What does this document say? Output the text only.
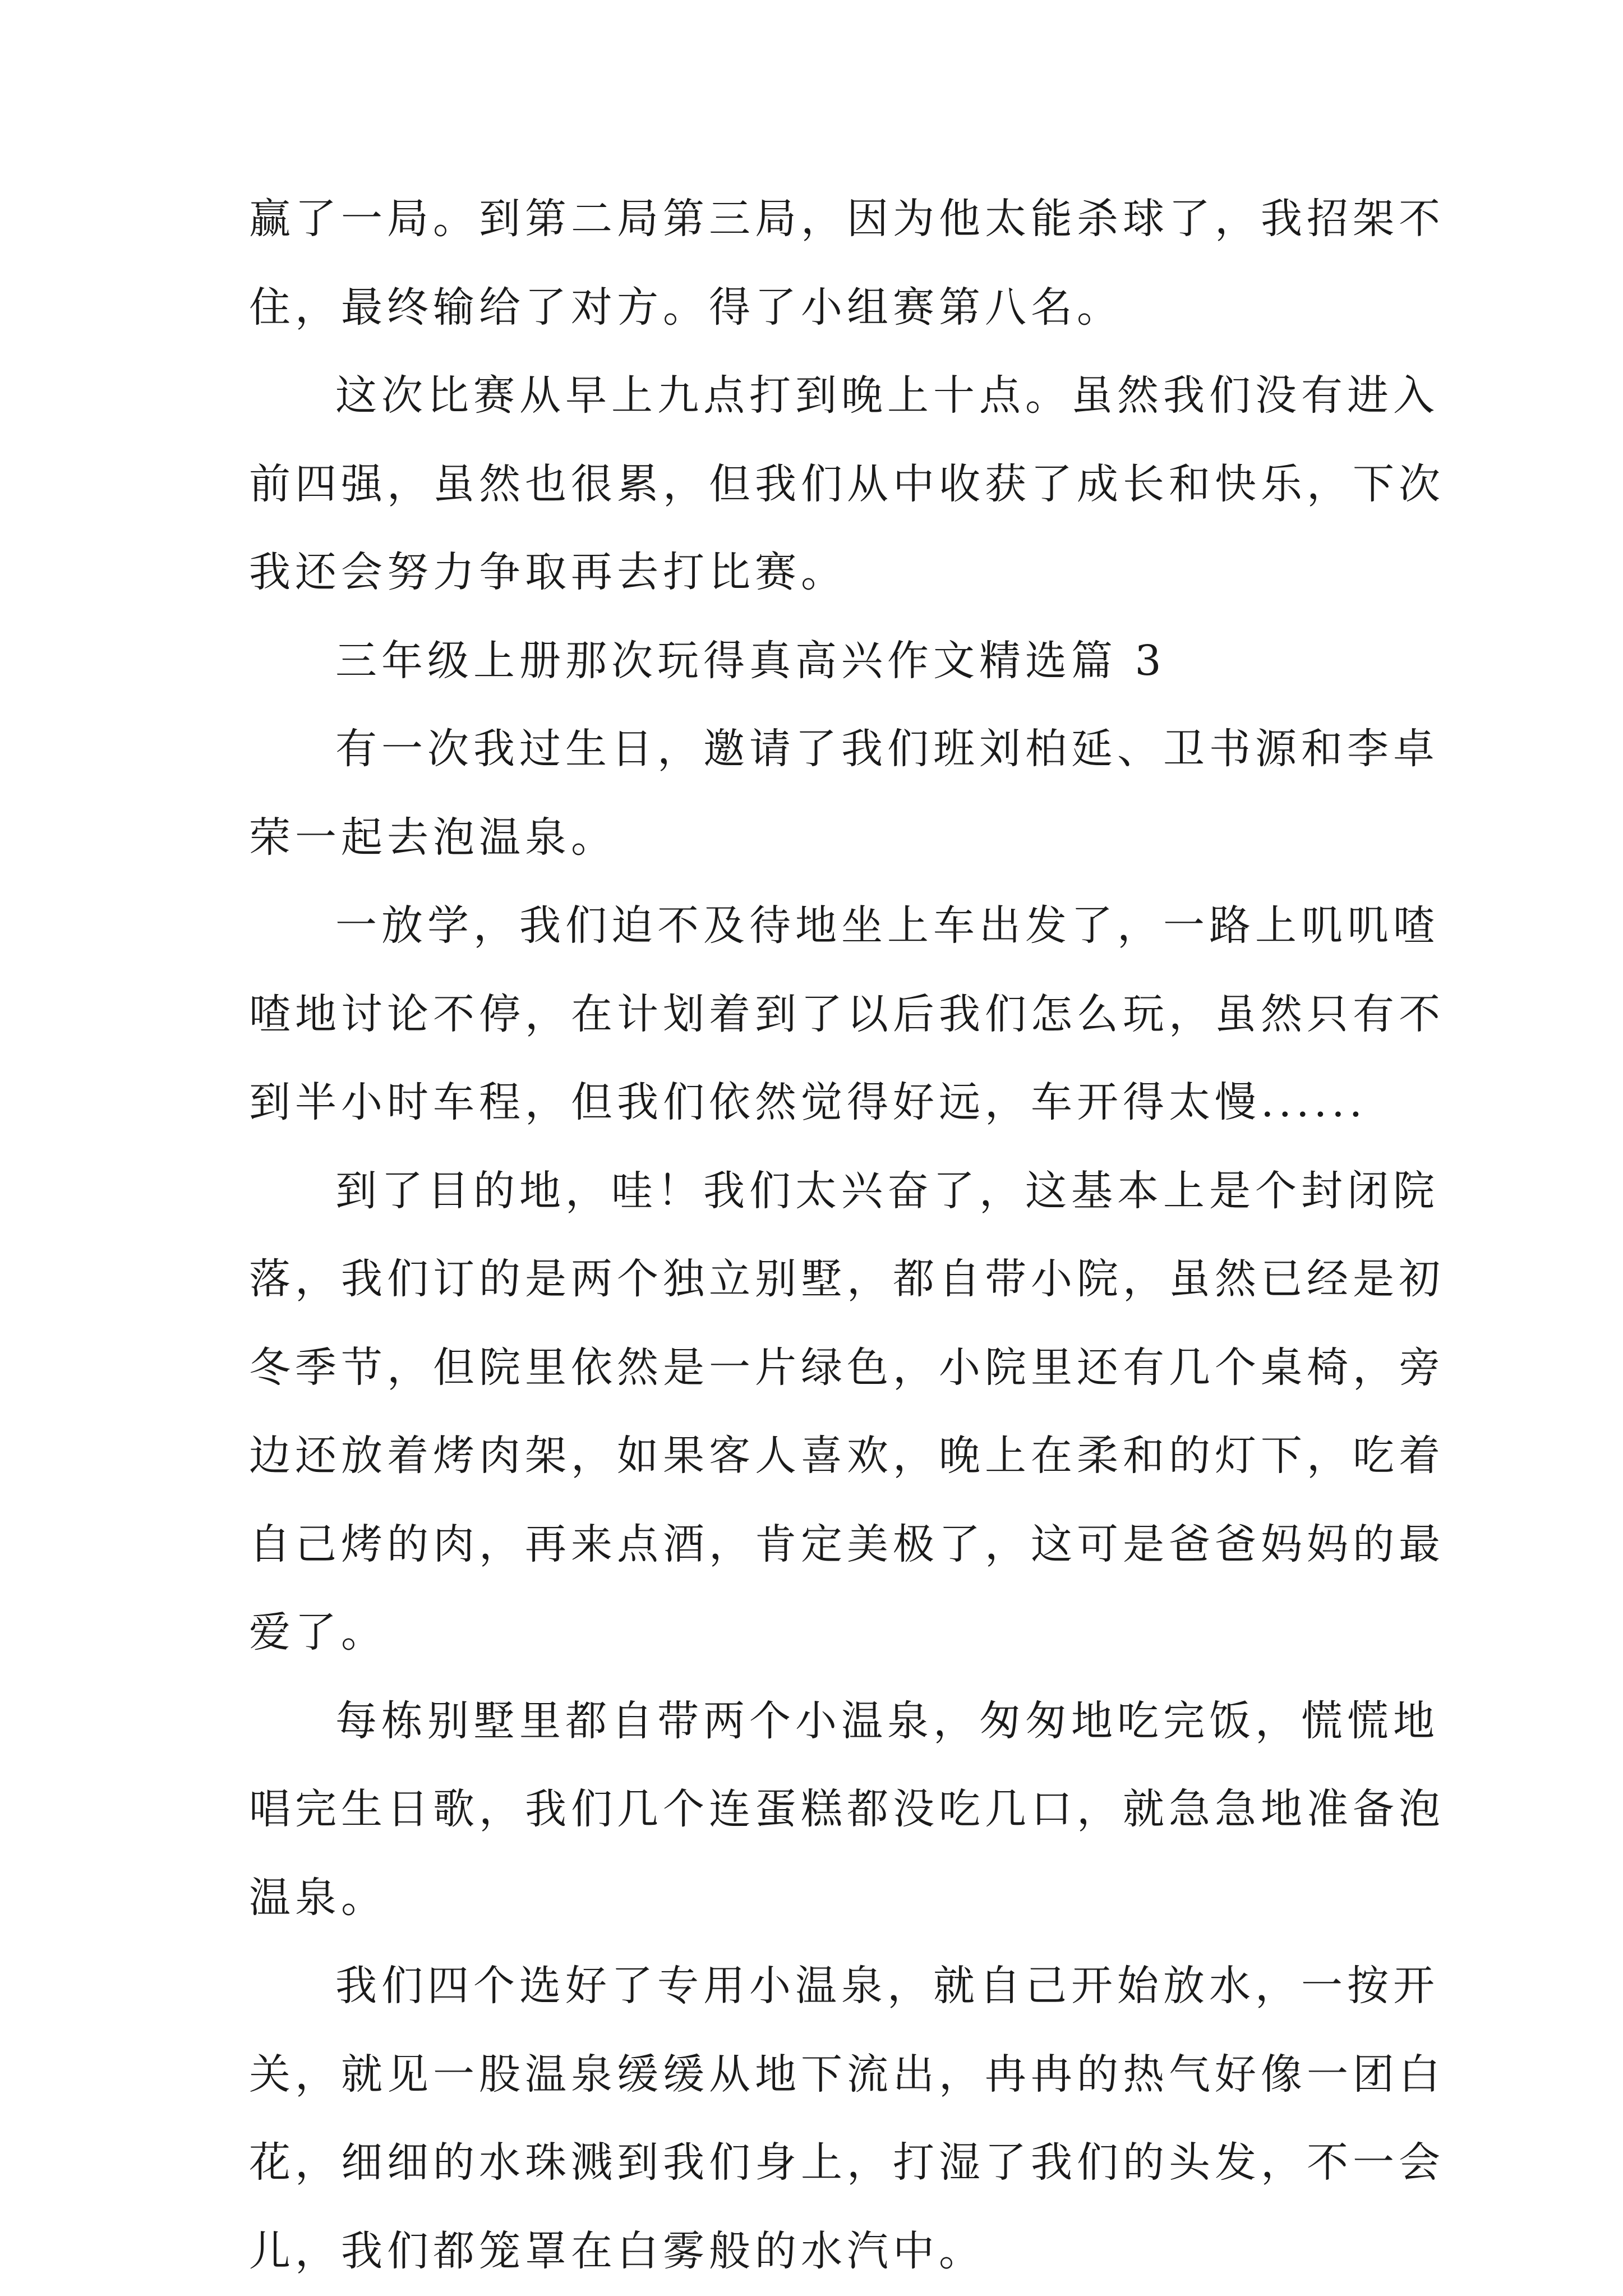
赢了一局。到第二局第三局，因为他太能杀球了，我招架不
住，最终输给了对方。得了小组赛第八名。
这次比赛从早上九点打到晚上十点。虽然我们没有进入
前四强，虽然也很累，但我们从中收获了成长和快乐，下次
我还会努力争取再去打比赛。
三年级上册那次玩得真高兴作文精选篇 3
有一次我过生日，邀请了我们班刘柏延、卫书源和李卓
荣一起去泡温泉。
一放学，我们迫不及待地坐上车出发了，一路上叽叽喳
喳地讨论不停，在计划着到了以后我们怎么玩，虽然只有不
到半小时车程，但我们依然觉得好远，车开得太慢......
到了目的地，哇！我们太兴奋了，这基本上是个封闭院
落，我们订的是两个独立别墅，都自带小院，虽然已经是初
冬季节，但院里依然是一片绿色，小院里还有几个桌椅，旁
边还放着烤肉架，如果客人喜欢，晚上在柔和的灯下，吃着
自己烤的肉，再来点酒，肯定美极了，这可是爸爸妈妈的最
爱了。
每栋别墅里都自带两个小温泉，匆匆地吃完饭，慌慌地
唱完生日歌，我们几个连蛋糕都没吃几口，就急急地准备泡
温泉。
我们四个选好了专用小温泉，就自己开始放水，一按开
关，就见一股温泉缓缓从地下流出，冉冉的热气好像一团白
花，细细的水珠溅到我们身上，打湿了我们的头发，不一会
儿，我们都笼罩在白雾般的水汽中。
